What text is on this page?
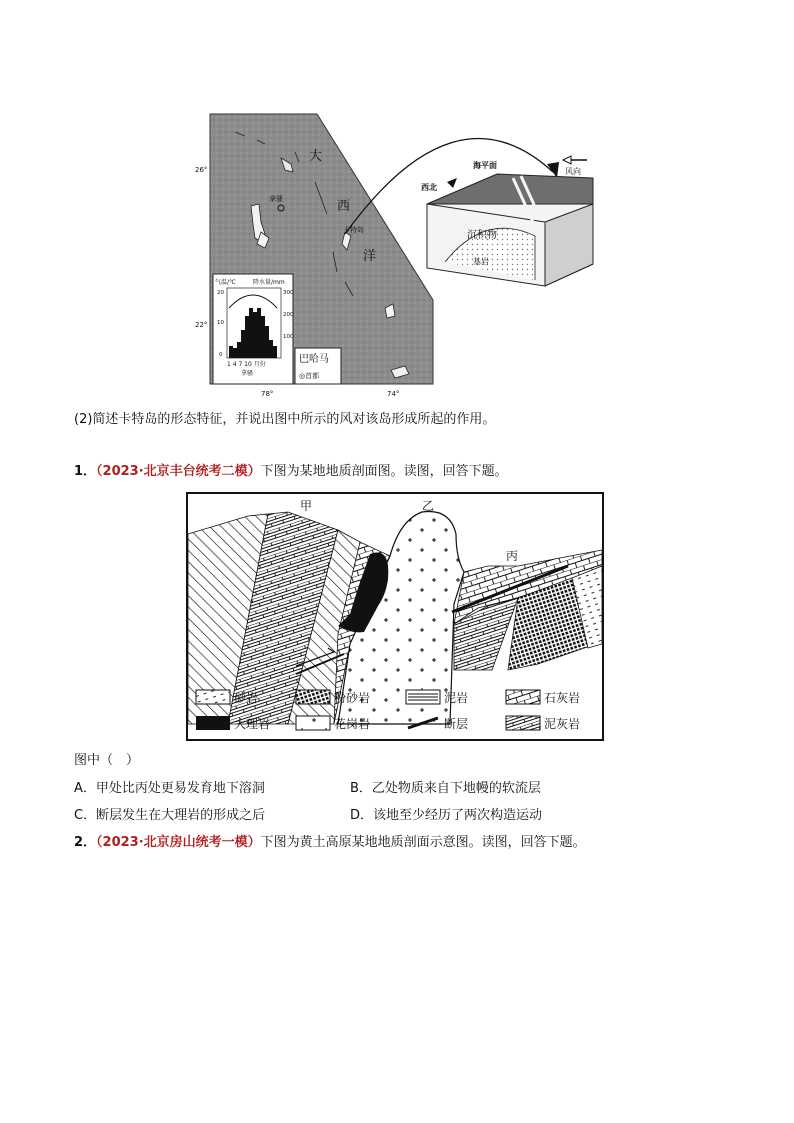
拿骚
卡特岛
大
西
洋
26°
22°
78°	74°
气温/℃	降水量/mm
20
10
0
300
200
100
1 4 7 10 月份
拿骚
巴哈马
◎首都
海平面
西北
风向
沉积物
基岩
(2)简述卡特岛的形态特征，并说出图中所示的风对该岛形成所起的作用。
1．（2023·北京丰台统考二模）下图为某地地质剖面图。读图，回答下题。
甲	乙
丙
砂岩	粉砂岩	泥岩	石灰岩
大理岩	花岗岩	断层	泥灰岩
图中（　）
A．甲处比丙处更易发育地下溶洞	B．乙处物质来自下地幔的软流层
C．断层发生在大理岩的形成之后	D．该地至少经历了两次构造运动
2．（2023·北京房山统考一模）下图为黄土高原某地地质剖面示意图。读图，回答下题。
